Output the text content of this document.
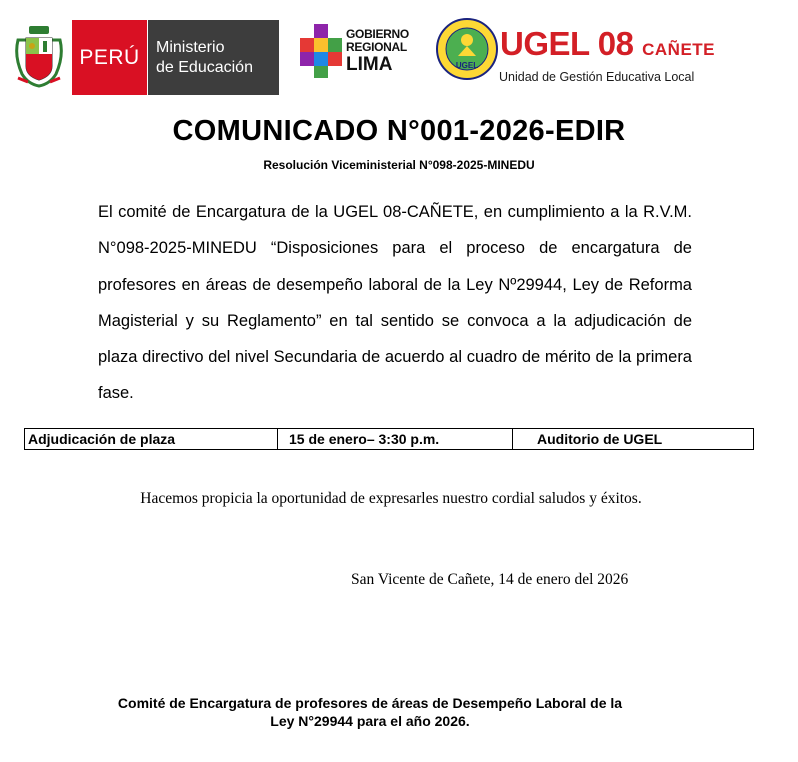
PERÚ	Ministerio
de Educación
GOBIERNO
REGIONAL
LIMA	UGEL
UGEL 08 CAÑETE
Unidad de Gestión Educativa Local
COMUNICADO N°001-2026-EDIR
Resolución Viceministerial N°098-2025-MINEDU
El comité de Encargatura de la UGEL 08-CAÑETE, en cumplimiento a la R.V.M. N°098-2025-MINEDU “Disposiciones para el proceso de encargatura de profesores en áreas de desempeño laboral de la Ley Nº29944, Ley de Reforma Magisterial y su Reglamento” en tal sentido se convoca a la adjudicación de plaza directivo del nivel Secundaria de acuerdo al cuadro de mérito de la primera fase.
Adjudicación de plaza	15 de enero– 3:30 p.m.	Auditorio de UGEL
Hacemos propicia la oportunidad de expresarles nuestro cordial saludos y éxitos.
San Vicente de Cañete, 14 de enero del 2026
Comité de Encargatura de profesores de áreas de Desempeño Laboral de la
Ley N°29944 para el año 2026.
